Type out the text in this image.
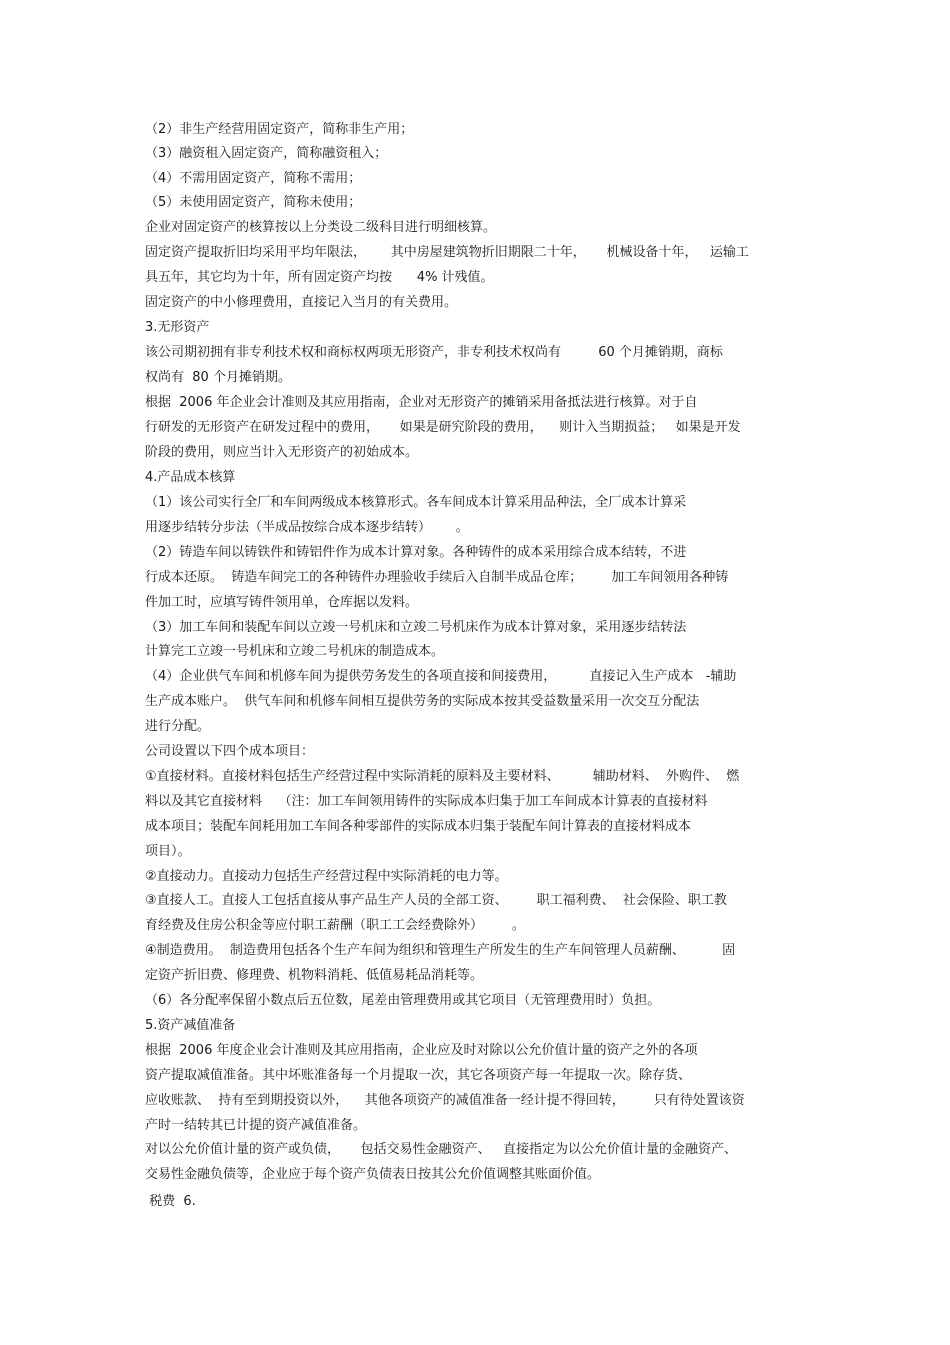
（2）非生产经营用固定资产，简称非生产用；
（3）融资租入固定资产，简称融资租入；
（4）不需用固定资产，简称不需用；
（5）未使用固定资产，简称未使用；
企业对固定资产的核算按以上分类设二级科目进行明细核算。
固定资产提取折旧均采用平均年限法，      其中房屋建筑物折旧期限二十年，     机械设备十年，   运输工
具五年，其它均为十年，所有固定资产均按      4% 计残值。
固定资产的中小修理费用，直接记入当月的有关费用。
3.无形资产
该公司期初拥有非专利技术权和商标权两项无形资产，非专利技术权尚有         60 个月摊销期，商标
权尚有  80 个月摊销期。
根据  2006 年企业会计准则及其应用指南，企业对无形资产的摊销采用备抵法进行核算。对于自
行研发的无形资产在研发过程中的费用，     如果是研究阶段的费用，    则计入当期损益；   如果是开发
阶段的费用，则应当计入无形资产的初始成本。
4.产品成本核算
（1）该公司实行全厂和车间两级成本核算形式。各车间成本计算采用品种法，全厂成本计算采
用逐步结转分步法（半成品按综合成本逐步结转）      。
（2）铸造车间以铸铁件和铸铝件作为成本计算对象。各种铸件的成本采用综合成本结转，不进
行成本还原。  铸造车间完工的各种铸件办理验收手续后入自制半成品仓库；       加工车间领用各种铸
件加工时，应填写铸件领用单，仓库据以发料。
（3）加工车间和装配车间以立竣一号机床和立竣二号机床作为成本计算对象，采用逐步结转法
计算完工立竣一号机床和立竣二号机床的制造成本。
（4）企业供气车间和机修车间为提供劳务发生的各项直接和间接费用，        直接记入生产成本   -辅助
生产成本账户。  供气车间和机修车间相互提供劳务的实际成本按其受益数量采用一次交互分配法
进行分配。
公司设置以下四个成本项目：
①直接材料。直接材料包括生产经营过程中实际消耗的原料及主要材料、        辅助材料、  外购件、  燃
料以及其它直接材料    （注：加工车间领用铸件的实际成本归集于加工车间成本计算表的直接材料
成本项目；装配车间耗用加工车间各种零部件的实际成本归集于装配车间计算表的直接材料成本
项目）。
②直接动力。直接动力包括生产经营过程中实际消耗的电力等。
③直接人工。直接人工包括直接从事产品生产人员的全部工资、       职工福利费、  社会保险、职工教
育经费及住房公积金等应付职工薪酬（职工工会经费除外）       。
④制造费用。  制造费用包括各个生产车间为组织和管理生产所发生的生产车间管理人员薪酬、         固
定资产折旧费、修理费、机物料消耗、低值易耗品消耗等。
（6）各分配率保留小数点后五位数，尾差由管理费用或其它项目（无管理费用时）负担。
5.资产减值准备
根据  2006 年度企业会计准则及其应用指南，企业应及时对除以公允价值计量的资产之外的各项
资产提取减值准备。其中坏账准备每一个月提取一次，其它各项资产每一年提取一次。除存货、
应收账款、  持有至到期投资以外，    其他各项资产的减值准备一经计提不得回转，       只有待处置该资
产时一结转其已计提的资产减值准备。
对以公允价值计量的资产或负债，     包括交易性金融资产、   直接指定为以公允价值计量的金融资产、
交易性金融负债等，企业应于每个资产负债表日按其公允价值调整其账面价值。
税费  6.
